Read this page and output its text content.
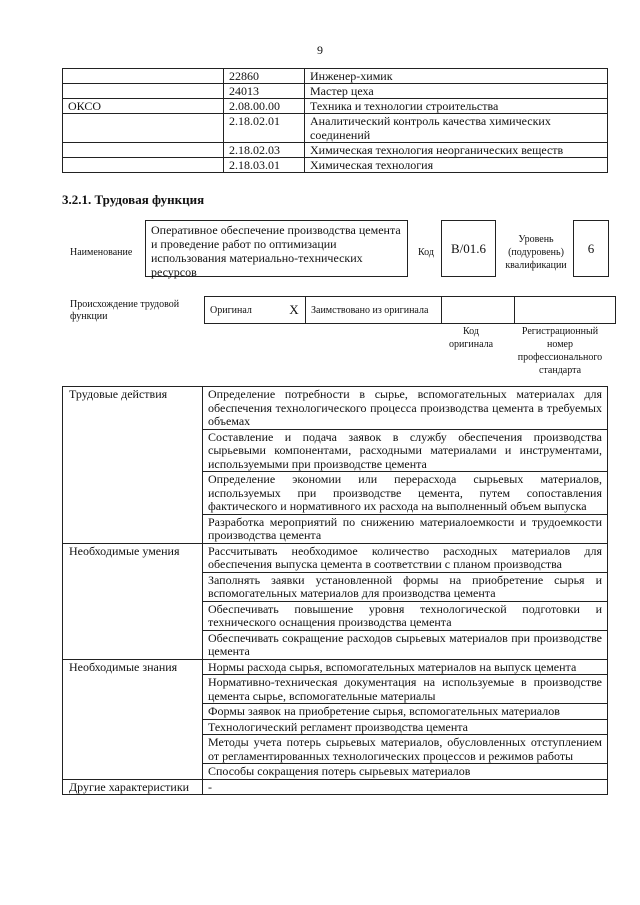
9
	22860	Инженер-химик
	24013	Мастер цеха
ОКСО	2.08.00.00	Техника и технологии строительства
	2.18.02.01	Аналитический контроль качества химических соединений
	2.18.02.03	Химическая технология неорганических веществ
	2.18.03.01	Химическая технология
3.2.1. Трудовая функция
Наименование
Оперативное обеспечение производства цемента и проведение работ по оптимизации использования материально-технических ресурсов
Код	B/01.6
Уровень (подуровень) квалификации
6
Происхождение трудовой функции
Оригинал	X	Заимствовано из оригинала		
Код оригинала
Регистрационный номер профессионального стандарта
Трудовые действия	Определение потребности в сырье, вспомогательных материалах для обеспечения технологического процесса производства цемента в требуемых объемах
	Составление и подача заявок в службу обеспечения производства сырьевыми компонентами, расходными материалами и инструментами, используемыми при производстве цемента
	Определение экономии или перерасхода сырьевых материалов, используемых при производстве цемента, путем сопоставления фактического и нормативного их расхода на выполненный объем выпуска
	Разработка мероприятий по снижению материалоемкости и трудоемкости производства цемента
Необходимые умения	Рассчитывать необходимое количество расходных материалов для обеспечения выпуска цемента в соответствии с планом производства
	Заполнять заявки установленной формы на приобретение сырья и вспомогательных материалов для производства цемента
	Обеспечивать повышение уровня технологической подготовки и технического оснащения производства цемента
	Обеспечивать сокращение расходов сырьевых материалов при производстве цемента
Необходимые знания	Нормы расхода сырья, вспомогательных материалов на выпуск цемента
	Нормативно-техническая документация на используемые в производстве цемента сырье, вспомогательные материалы
	Формы заявок на приобретение сырья, вспомогательных материалов
	Технологический регламент производства цемента
	Методы учета потерь сырьевых материалов, обусловленных отступлением от регламентированных технологических процессов и режимов работы
	Способы сокращения потерь сырьевых материалов
Другие характеристики	-
